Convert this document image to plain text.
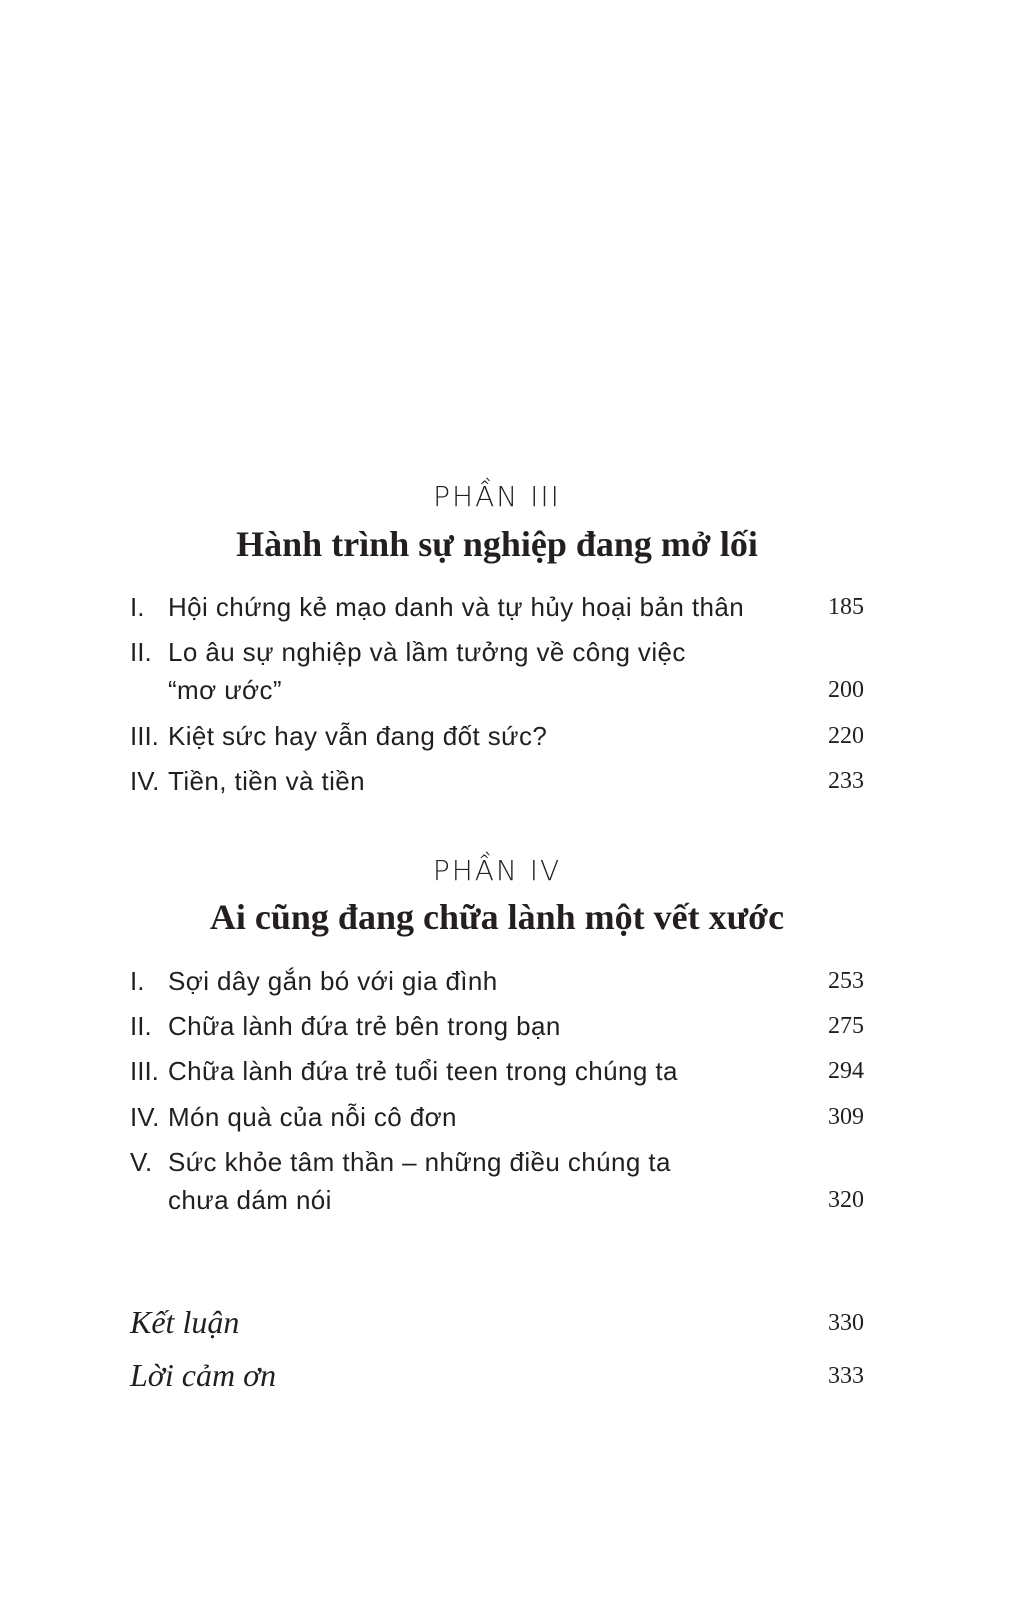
PHẦN III
Hành trình sự nghiệp đang mở lối
I. Hội chứng kẻ mạo danh và tự hủy hoại bản thân	185
II. Lo âu sự nghiệp và lầm tưởng về công việc
“mơ ước”	200
III. Kiệt sức hay vẫn đang đốt sức?	220
IV. Tiền, tiền và tiền	233
PHẦN IV
Ai cũng đang chữa lành một vết xước
I. Sợi dây gắn bó với gia đình	253
II. Chữa lành đứa trẻ bên trong bạn	275
III. Chữa lành đứa trẻ tuổi teen trong chúng ta	294
IV. Món quà của nỗi cô đơn	309
V. Sức khỏe tâm thần – những điều chúng ta
chưa dám nói	320
Kết luận	330
Lời cảm ơn	333
